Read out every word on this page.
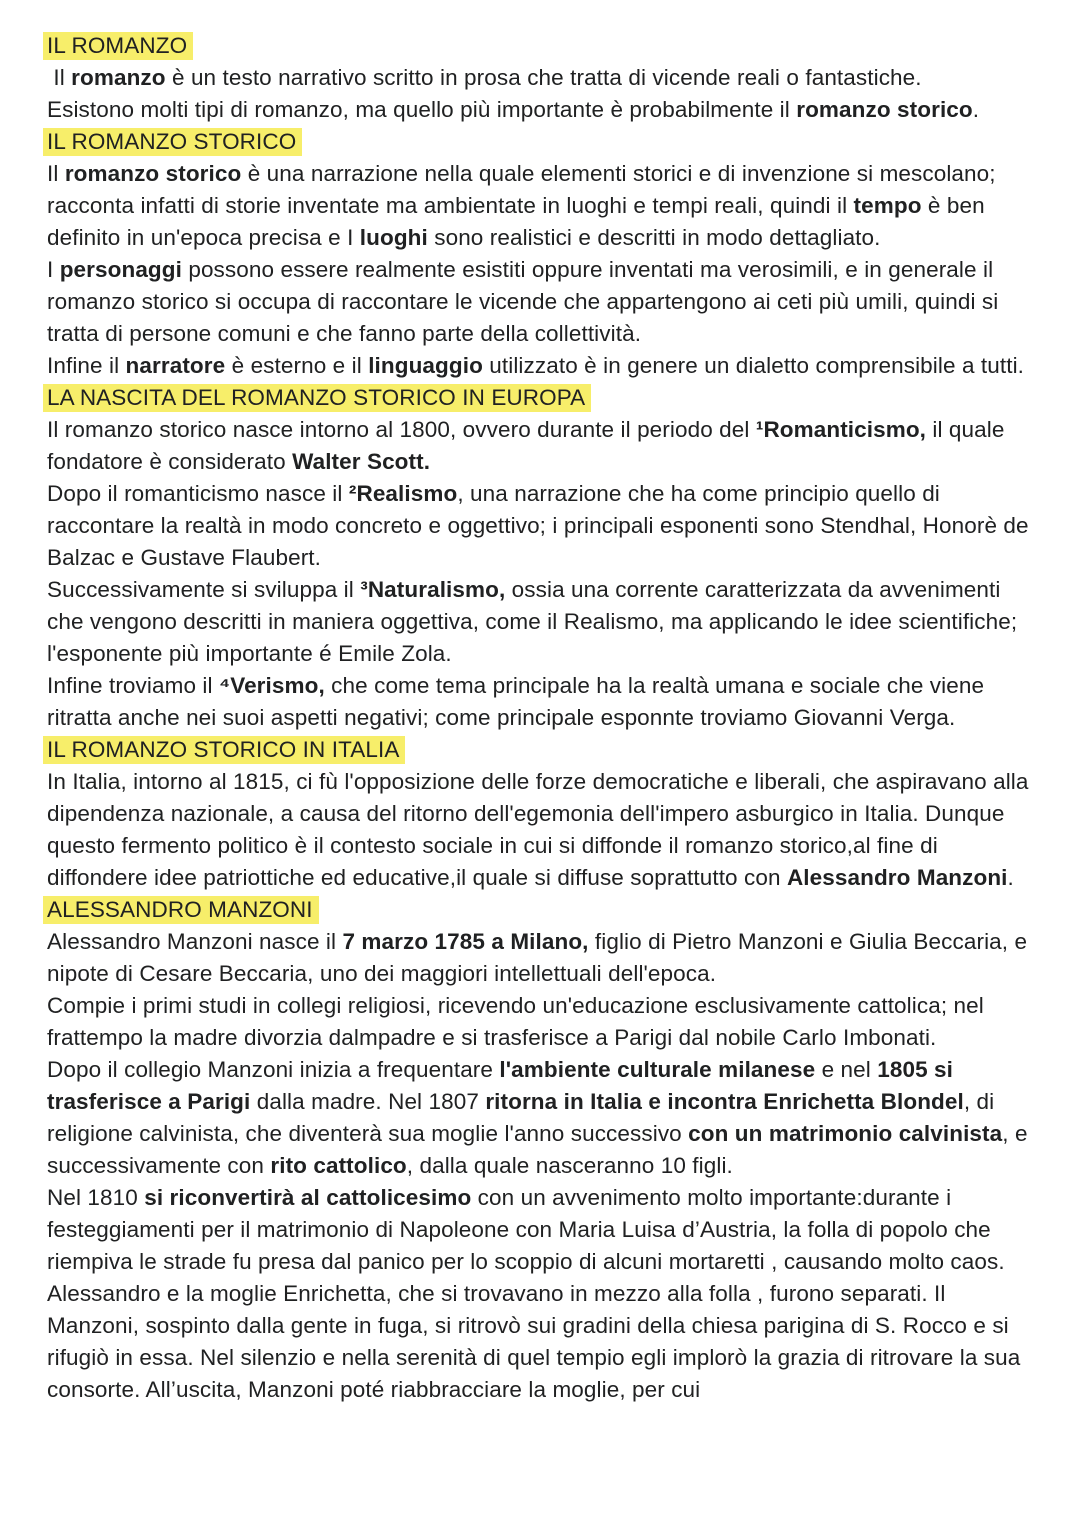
IL ROMANZO

Il romanzo è un testo narrativo scritto in prosa che tratta di vicende reali o fantastiche.

Esistono molti tipi di romanzo, ma quello più importante è probabilmente il romanzo storico.

IL ROMANZO STORICO

Il romanzo storico è una narrazione nella quale elementi storici e di invenzione si mescolano; racconta infatti di storie inventate ma ambientate in luoghi e tempi reali, quindi il tempo è ben definito in un'epoca precisa e I luoghi sono realistici e descritti in modo dettagliato.

I personaggi possono essere realmente esistiti oppure inventati ma verosimili, e in generale il romanzo storico si occupa di raccontare le vicende che appartengono ai ceti più umili, quindi si tratta di persone comuni e che fanno parte della collettività.

Infine il narratore è esterno e il linguaggio utilizzato è in genere un dialetto comprensibile a tutti.

LA NASCITA DEL ROMANZO STORICO IN EUROPA

Il romanzo storico nasce intorno al 1800, ovvero durante il periodo del ¹Romanticismo, il quale fondatore è considerato Walter Scott.

Dopo il romanticismo nasce il ²Realismo, una narrazione che ha come principio quello di raccontare la realtà in modo concreto e oggettivo; i principali esponenti sono Stendhal, Honorè de Balzac e Gustave Flaubert.

Successivamente si sviluppa il ³Naturalismo, ossia una corrente caratterizzata da avvenimenti che vengono descritti in maniera oggettiva, come il Realismo, ma applicando le idee scientifiche; l'esponente più importante é Emile Zola.

Infine troviamo il ⁴Verismo, che come tema principale ha la realtà umana e sociale che viene ritratta anche nei suoi aspetti negativi; come principale esponnte troviamo Giovanni Verga.

IL ROMANZO STORICO IN ITALIA

In Italia, intorno al 1815, ci fù l'opposizione delle forze democratiche e liberali, che aspiravano alla dipendenza nazionale, a causa del ritorno dell'egemonia dell'impero asburgico in Italia. Dunque questo fermento politico è il contesto sociale in cui si diffonde il romanzo storico,al fine di diffondere idee patriottiche ed educative,il quale si diffuse soprattutto con Alessandro Manzoni.

ALESSANDRO MANZONI

Alessandro Manzoni nasce il 7 marzo 1785 a Milano, figlio di Pietro Manzoni e Giulia Beccaria, e nipote di Cesare Beccaria, uno dei maggiori intellettuali dell'epoca.

Compie i primi studi in collegi religiosi, ricevendo un'educazione esclusivamente cattolica; nel frattempo la madre divorzia dalmpadre e si trasferisce a Parigi dal nobile Carlo Imbonati.

Dopo il collegio Manzoni inizia a frequentare l'ambiente culturale milanese e nel 1805 si trasferisce a Parigi dalla madre. Nel 1807 ritorna in Italia e incontra Enrichetta Blondel, di religione calvinista, che diventerà sua moglie l'anno successivo con un matrimonio calvinista, e successivamente con rito cattolico, dalla quale nasceranno 10 figli.

Nel 1810 si riconvertirà al cattolicesimo con un avvenimento molto importante:durante i festeggiamenti per il matrimonio di Napoleone con Maria Luisa d’Austria, la folla di popolo che riempiva le strade fu presa dal panico per lo scoppio di alcuni mortaretti , causando molto caos. Alessandro e la moglie Enrichetta, che si trovavano in mezzo alla folla , furono separati. Il Manzoni, sospinto dalla gente in fuga, si ritrovò sui gradini della chiesa parigina di S. Rocco e si rifugiò in essa. Nel silenzio e nella serenità di quel tempio egli implorò la grazia di ritrovare la sua consorte. All’uscita, Manzoni poté riabbracciare la moglie, per cui
